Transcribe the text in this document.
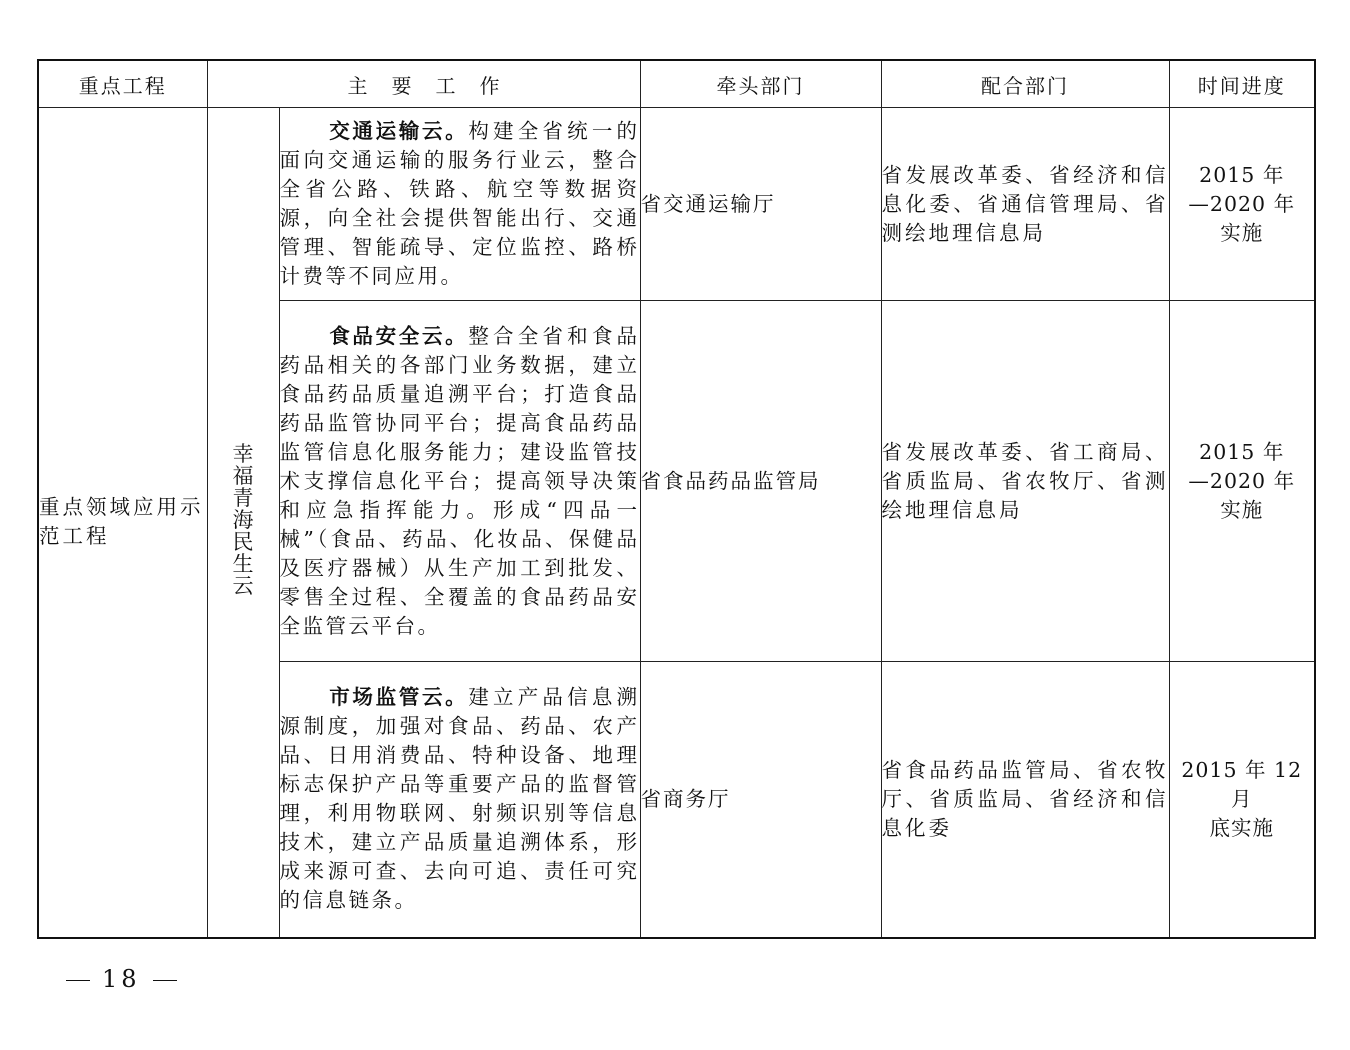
重点工程	主 要 工 作		牵头部门	配合部门	时间进度
重点领域应用示范工程	幸福青海民生云	交通运输云。构建全省统一的面向交通运输的服务行业云，整合全省公路、铁路、航空等数据资源，向全社会提供智能出行、交通管理、智能疏导、定位监控、路桥计费等不同应用。	省交通运输厅	省发展改革委、省经济和信息化委、省通信管理局、省测绘地理信息局	2015 年
—2020 年
实施

		食品安全云。整合全省和食品药品相关的各部门业务数据，建立食品药品质量追溯平台；打造食品药品监管协同平台；提高食品药品监管信息化服务能力；建设监管技术支撑信息化平台；提高领导决策和应急指挥能力。形成“四品一械”（食品、药品、化妆品、保健品及医疗器械）从生产加工到批发、零售全过程、全覆盖的食品药品安全监管云平台。	省食品药品监管局	省发展改革委、省工商局、省质监局、省农牧厅、省测绘地理信息局	2015 年
—2020 年
实施

		市场监管云。建立产品信息溯源制度，加强对食品、药品、农产品、日用消费品、特种设备、地理标志保护产品等重要产品的监督管理，利用物联网、射频识别等信息技术，建立产品质量追溯体系，形成来源可查、去向可追、责任可究的信息链条。	省商务厅	省食品药品监管局、省农牧厅、省质监局、省经济和信息化委	2015 年 12 月
底实施
18
